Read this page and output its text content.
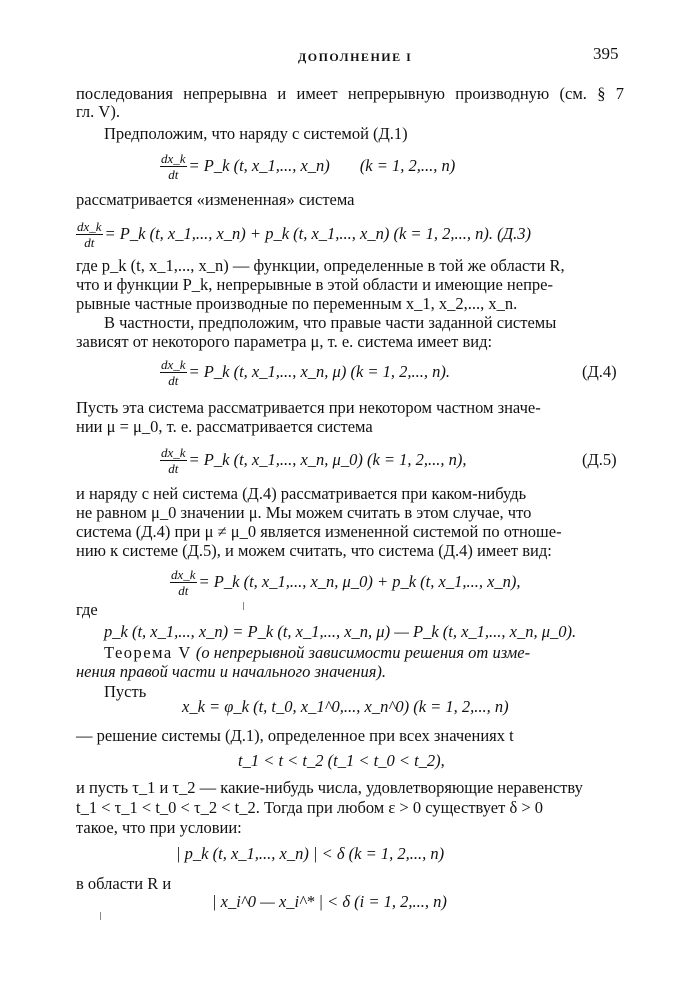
ДОПОЛНЕНИЕ I	395
последования непрерывна и имеет непрерывную производную (см. § 7
гл. V).
Предположим, что наряду с системой (Д.1)
$\frac{dx\_k}{dt}$ = P_k (t, x_1,..., x_n) (k = 1, 2,..., n)
рассматривается «измененная» система
$\frac{dx\_k}{dt}$ = P_k (t, x_1,..., x_n) + p_k (t, x_1,..., x_n) (k = 1, 2,..., n). (Д.3)
где p_k (t, x_1,..., x_n) — функции, определенные в той же области R,
что и функции P_k, непрерывные в этой области и имеющие непре-
рывные частные производные по переменным x_1, x_2,..., x_n.
В частности, предположим, что правые части заданной системы
зависят от некоторого параметра μ, т. е. система имеет вид:
$\frac{dx\_k}{dt}$ = P_k (t, x_1,..., x_n, μ) (k = 1, 2,..., n).	(Д.4)
Пусть эта система рассматривается при некотором частном значе-
нии μ = μ_0, т. е. рассматривается система
$\frac{dx\_k}{dt}$ = P_k (t, x_1,..., x_n, μ_0) (k = 1, 2,..., n),	(Д.5)
и наряду с ней система (Д.4) рассматривается при каком-нибудь
не равном μ_0 значении μ. Мы можем считать в этом случае, что
система (Д.4) при μ ≠ μ_0 является измененной системой по отноше-
нию к системе (Д.5), и можем считать, что система (Д.4) имеет вид:
$\frac{dx\_k}{dt}$ = P_k (t, x_1,..., x_n, μ_0) + p_k (t, x_1,..., x_n),
где
p_k (t, x_1,..., x_n) = P_k (t, x_1,..., x_n, μ) — P_k (t, x_1,..., x_n, μ_0).
Теорема V (о непрерывной зависимости решения от изме-
нения правой части и начального значения).
Пусть
x_k = φ_k (t, t_0, x_1^0,..., x_n^0) (k = 1, 2,..., n)
— решение системы (Д.1), определенное при всех значениях t
t_1 < t < t_2 (t_1 < t_0 < t_2),
и пусть τ_1 и τ_2 — какие-нибудь числа, удовлетворяющие неравенству
t_1 < τ_1 < t_0 < τ_2 < t_2. Тогда при любом ε > 0 существует δ > 0
такое, что при условии:
| p_k (t, x_1,..., x_n) | < δ (k = 1, 2,..., n)
в области R и
| x_i^0 — x_i^* | < δ (i = 1, 2,..., n)
